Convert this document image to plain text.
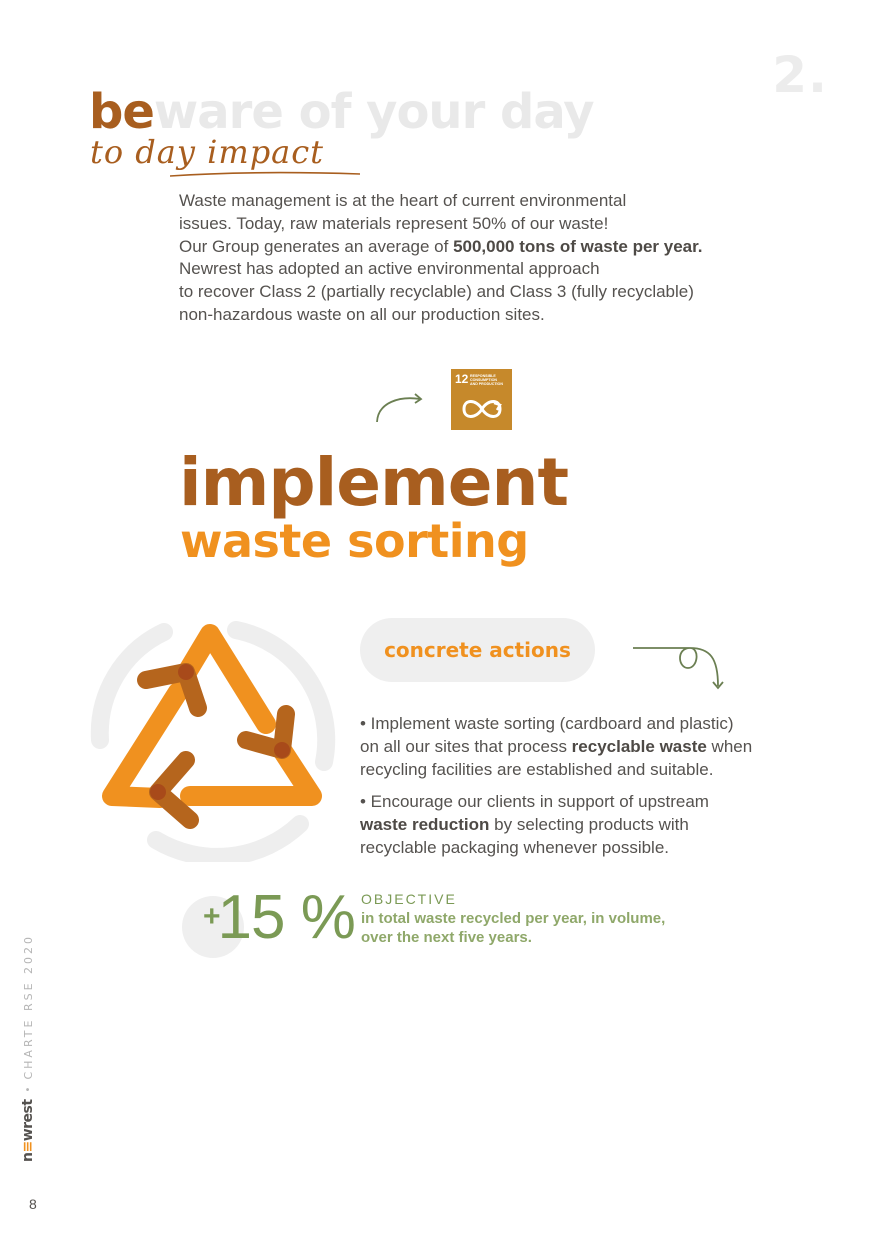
2.
beware of your day
to day impact

Waste management is at the heart of current environmental

issues. Today, raw materials represent 50% of our waste!

Our Group generates an average of 500,000 tons of waste per year.

Newrest has adopted an active environmental approach

to recover Class 2 (partially recyclable) and Class 3 (fully recyclable)

non-hazardous waste on all our production sites.

12 RESPONSIBLE
CONSUMPTION
AND PRODUCTION
implement
waste sorting
concrete actions

• Implement waste sorting (cardboard and plastic)
on all our sites that process recyclable waste when
recycling facilities are established and suitable.

• Encourage our clients in support of upstream
waste reduction by selecting products with
recyclable packaging whenever possible.

+15 % OBJECTIVE
in total waste recycled per year, in volume,
over the next five years.
n≡wrest
•
CHARTE RSE 2020
8
